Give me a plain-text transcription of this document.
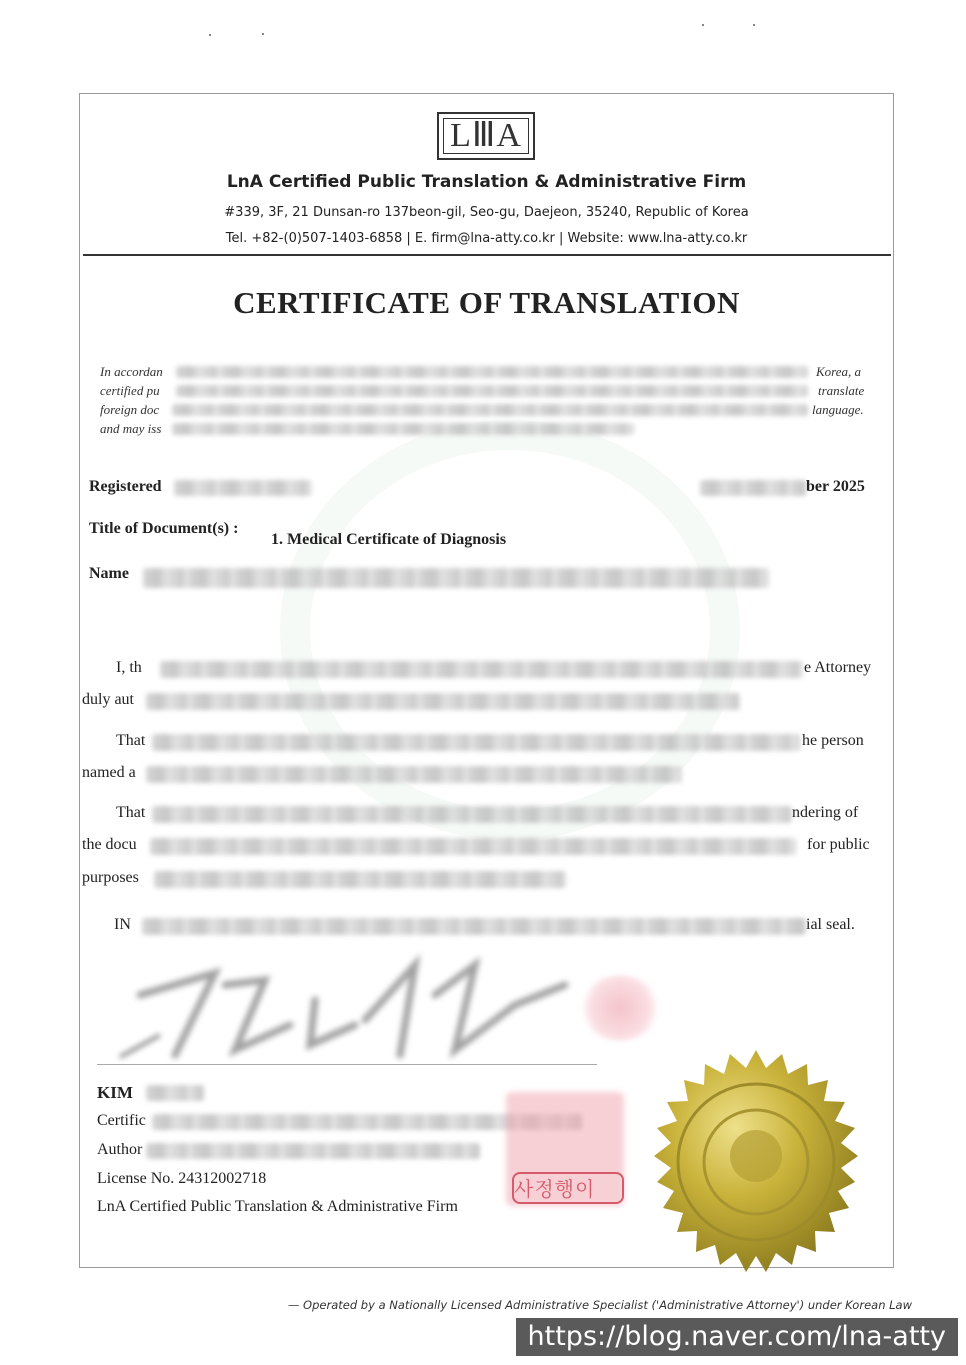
LⅢA
LnA Certified Public Translation & Administrative Firm
#339, 3F, 21 Dunsan-ro 137beon-gil, Seo-gu, Daejeon, 35240, Republic of Korea
Tel. +82-(0)507-1403-6858 | E. firm@lna-atty.co.kr | Website: www.lna-atty.co.kr
CERTIFICATE OF TRANSLATION
In accordan
certified pu
foreign doc
and may iss
Korea, a
translate
language.
Registered	ber 2025
Title of Document(s) :
1. Medical Certificate of Diagnosis
Name
I, th	e Attorney
duly aut
That	he person
named a
That	ndering of
the docu	for public
purposes
IN	ial seal.
KIM
Certific
Author
License No. 24312002718
LnA Certified Public Translation & Administrative Firm
사정행이
— Operated by a Nationally Licensed Administrative Specialist ('Administrative Attorney') under Korean Law
https://blog.naver.com/lna-atty
